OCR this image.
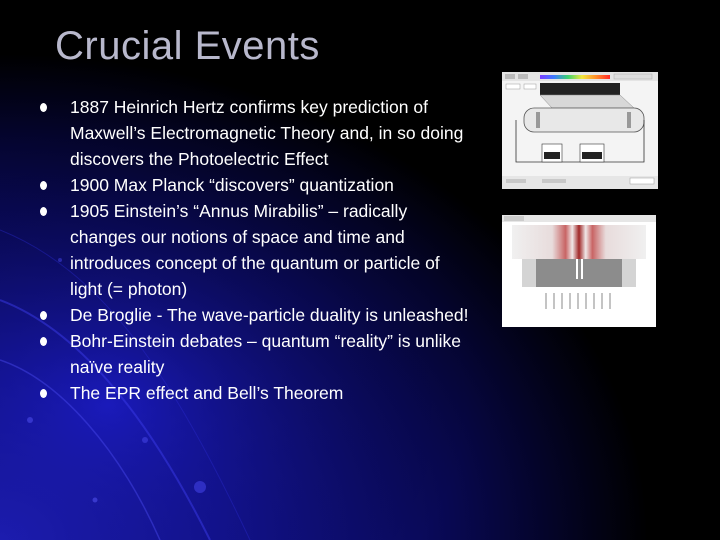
Crucial Events
1887 Heinrich Hertz confirms key prediction of Maxwell’s Electromagnetic Theory and, in so doing discovers the Photoelectric Effect
1900 Max Planck “discovers” quantization
1905 Einstein’s “Annus Mirabilis” – radically changes our notions of space and time and introduces concept of the quantum or particle of light (= photon)
De Broglie - The wave-particle duality is unleashed!
Bohr-Einstein debates – quantum “reality” is unlike naïve reality
The EPR effect and Bell’s Theorem
